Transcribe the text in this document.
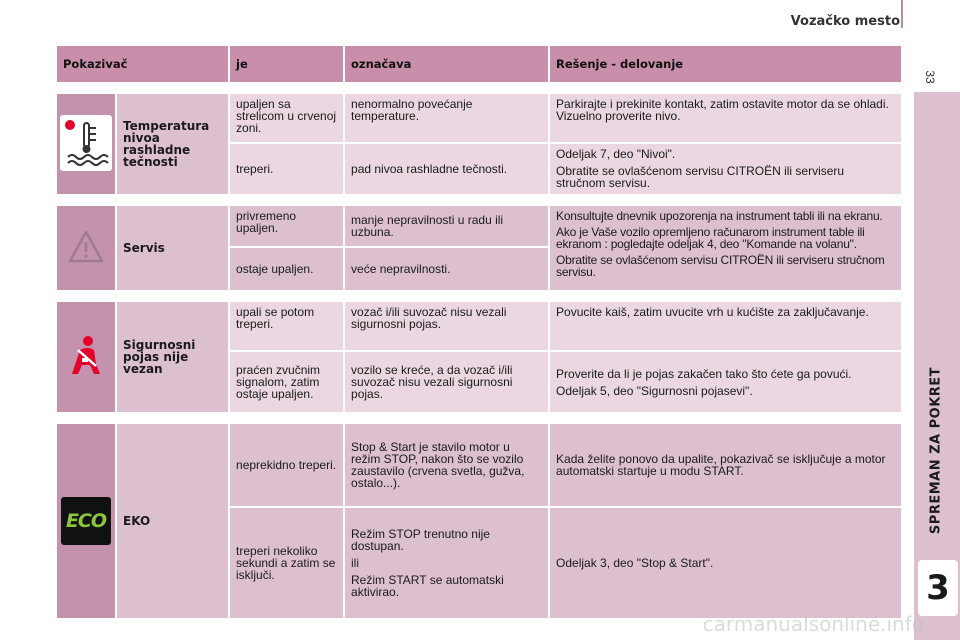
Vozačko mesto
33
SPREMAN ZA POKRET
3
Pokazivač		je	označava	Rešenje - delovanje

	Temperatura nivoa rashladne tečnosti	upaljen sa strelicom u crvenoj zoni.	nenormalno povećanje temperature.	Parkirajte i prekinite kontakt, zatim ostavite motor da se ohladi. Vizuelno proverite nivo.

		treperi.	pad nivoa rashladne tečnosti.	Odeljak 7, deo "Nivoi".

Obratite se ovlašćenom servisu CITROËN ili serviseru stručnom servisu.

	Servis	privremeno upaljen.	manje nepravilnosti u radu ili uzbuna.	Konsultujte dnevnik upozorenja na instrument tabli ili na ekranu.

Ako je Vaše vozilo opremljeno računarom instrument table ili ekranom : pogledajte odeljak 4, deo "Komande na volanu".

Obratite se ovlašćenom servisu CITROËN ili serviseru stručnom servisu.

		ostaje upaljen.	veće nepravilnosti.	

	Sigurnosni pojas nije vezan	upali se potom treperi.	vozač i/ili suvozač nisu vezali sigurnosni pojas.	Povucite kaiš, zatim uvucite vrh u kućište za zaključavanje.

		praćen zvučnim signalom, zatim ostaje upaljen.	vozilo se kreće, a da vozač i/ili suvozač nisu vezali sigurnosni pojas.	Proverite da li je pojas zakačen tako što ćete ga povući.

Odeljak 5, deo "Sigurnosni pojasevi".

ECO	EKO	neprekidno treperi.	Stop & Start je stavilo motor u režim STOP, nakon što se vozilo zaustavilo (crvena svetla, gužva, ostalo...).	Kada želite ponovo da upalite, pokazivač se isključuje a motor automatski startuje u modu START.

		treperi nekoliko sekundi a zatim se isključi.	Režim STOP trenutno nije dostupan.

ili

Režim START se automatski aktivirao.	Odeljak 3, deo "Stop & Start".

carmanualsonline.info
